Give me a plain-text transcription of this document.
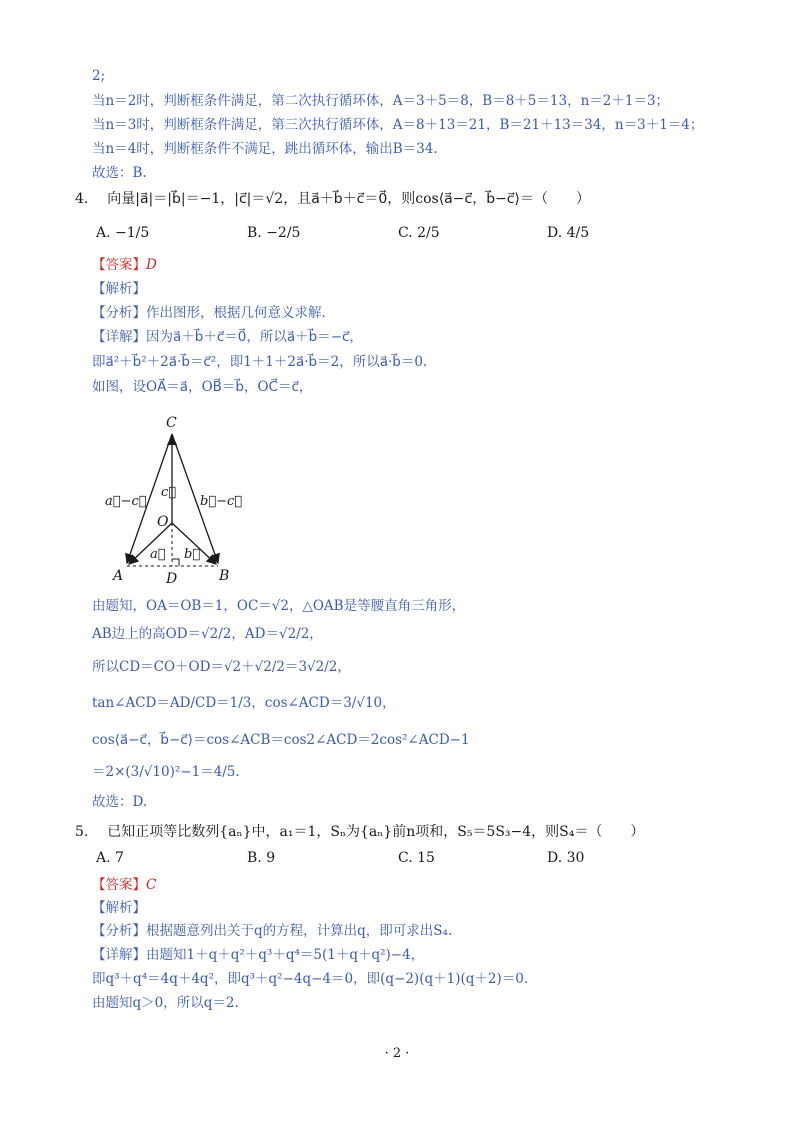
2;
当n＝2时，判断框条件满足，第二次执行循环体，A＝3＋5＝8，B＝8＋5＝13，n＝2＋1＝3；
当n＝3时，判断框条件满足，第三次执行循环体，A＝8＋13＝21，B＝21＋13＝34，n＝3＋1＝4；
当n＝4时，判断框条件不满足，跳出循环体，输出B＝34.
故选：B.
4. 向量|a⃗|＝|b⃗|＝−1，|c⃗|＝√2，且a⃗＋b⃗＋c⃗＝0⃗，则cos⟨a⃗−c⃗，b⃗−c⃗⟩＝（　　）
A. −1/5	B. −2/5	C. 2/5	D. 4/5
【答案】D
【解析】
【分析】作出图形，根据几何意义求解.
【详解】因为a⃗＋b⃗＋c⃗＝0⃗，所以a⃗＋b⃗＝−c⃗，
即a⃗²＋b⃗²＋2a⃗·b⃗＝c⃗²，即1＋1＋2a⃗·b⃗＝2，所以a⃗·b⃗＝0.
如图，设OA⃗＝a⃗，OB⃗＝b⃗，OC⃗＝c⃗，
C
O
A	B
D
a⃗−c⃗
c⃗
b⃗−c⃗
a⃗ b⃗
由题知，OA＝OB＝1，OC＝√2，△OAB是等腰直角三角形，
AB边上的高OD＝√2/2，AD＝√2/2，
所以CD＝CO＋OD＝√2＋√2/2＝3√2/2，
tan∠ACD＝AD/CD＝1/3，cos∠ACD＝3/√10，
cos⟨a⃗−c⃗，b⃗−c⃗⟩＝cos∠ACB＝cos2∠ACD＝2cos²∠ACD−1
＝2×(3/√10)²−1＝4/5.
故选：D.
5. 已知正项等比数列{aₙ}中，a₁＝1，Sₙ为{aₙ}前n项和，S₅＝5S₃−4，则S₄＝（　　）
A. 7	B. 9	C. 15	D. 30
【答案】C
【解析】
【分析】根据题意列出关于q的方程，计算出q，即可求出S₄.
【详解】由题知1＋q＋q²＋q³＋q⁴＝5(1＋q＋q²)−4，
即q³＋q⁴＝4q＋4q²，即q³＋q²−4q−4＝0，即(q−2)(q＋1)(q＋2)＝0.
由题知q＞0，所以q＝2.
· 2 ·
